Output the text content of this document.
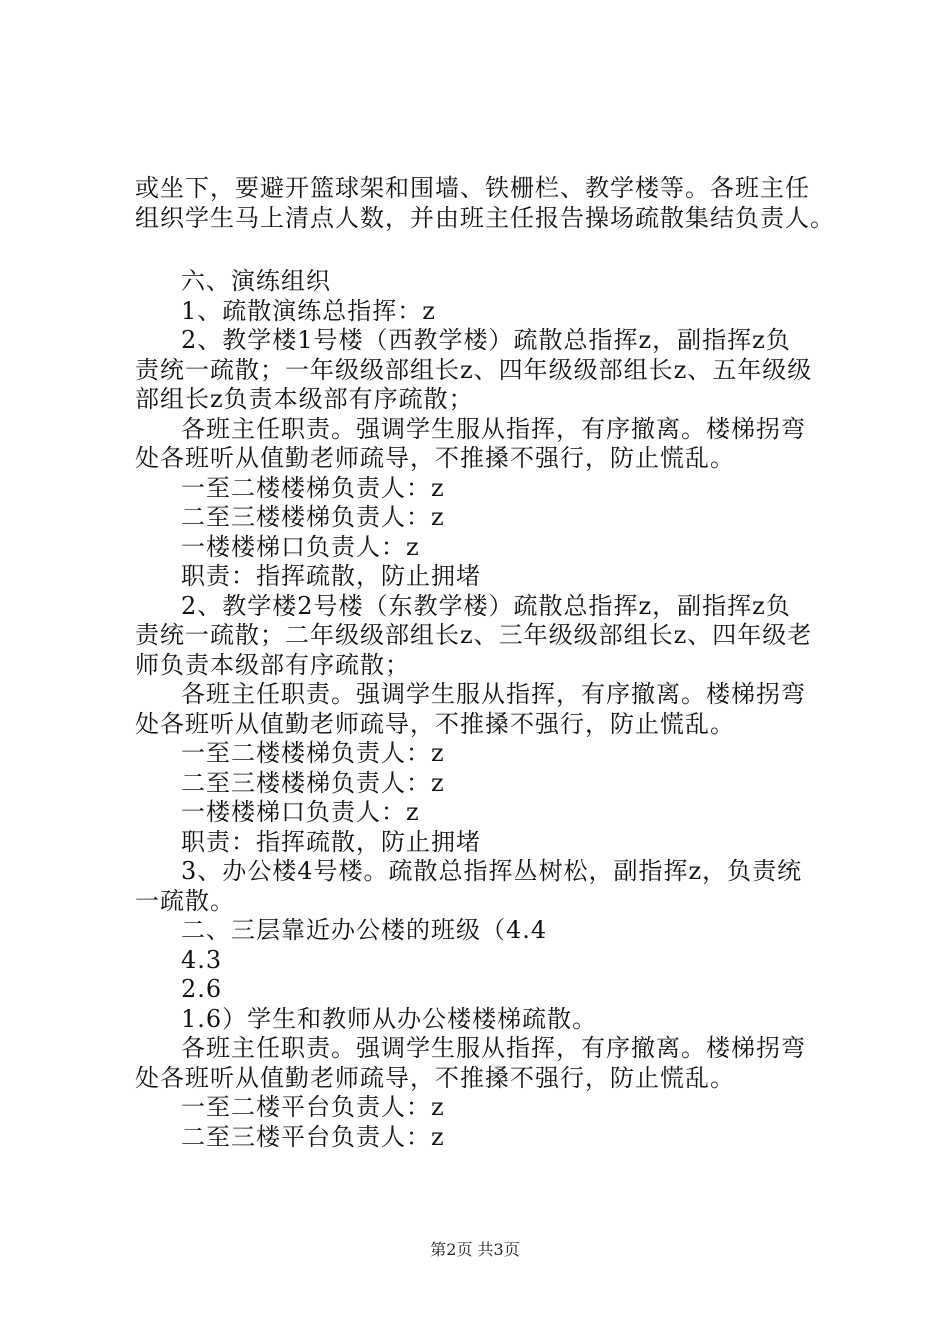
或坐下，要避开篮球架和围墙、铁栅栏、教学楼等。各班主任
组织学生马上清点人数，并由班主任报告操场疏散集结负责人。
六、演练组织
1、疏散演练总指挥：z
2、教学楼1号楼（西教学楼）疏散总指挥z，副指挥z负
责统一疏散；一年级级部组长z、四年级级部组长z、五年级级
部组长z负责本级部有序疏散；
各班主任职责。强调学生服从指挥，有序撤离。楼梯拐弯
处各班听从值勤老师疏导，不推搡不强行，防止慌乱。
一至二楼楼梯负责人：z
二至三楼楼梯负责人：z
一楼楼梯口负责人：z
职责：指挥疏散，防止拥堵
2、教学楼2号楼（东教学楼）疏散总指挥z，副指挥z负
责统一疏散；二年级级部组长z、三年级级部组长z、四年级老
师负责本级部有序疏散；
各班主任职责。强调学生服从指挥，有序撤离。楼梯拐弯
处各班听从值勤老师疏导，不推搡不强行，防止慌乱。
一至二楼楼梯负责人：z
二至三楼楼梯负责人：z
一楼楼梯口负责人：z
职责：指挥疏散，防止拥堵
3、办公楼4号楼。疏散总指挥丛树松，副指挥z，负责统
一疏散。
二、三层靠近办公楼的班级（4.4
4.3
2.6
1.6）学生和教师从办公楼楼梯疏散。
各班主任职责。强调学生服从指挥，有序撤离。楼梯拐弯
处各班听从值勤老师疏导，不推搡不强行，防止慌乱。
一至二楼平台负责人：z
二至三楼平台负责人：z
第2页 共3页
